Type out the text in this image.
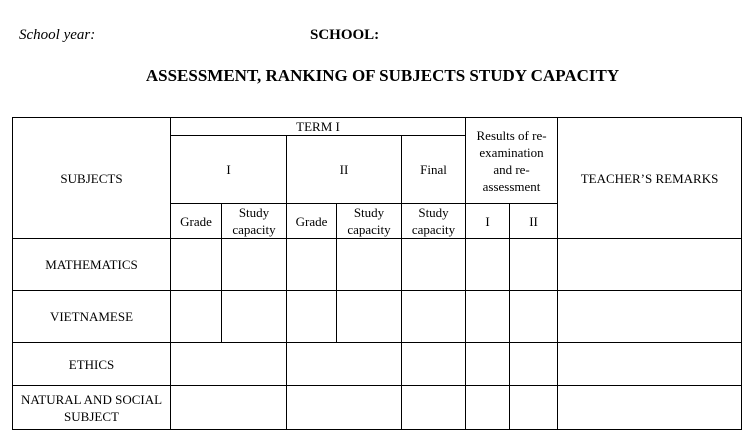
School year:	SCHOOL:
ASSESSMENT, RANKING OF SUBJECTS STUDY CAPACITY
SUBJECTS	TERM I					Results of re-examination and re-assessment		TEACHER’S REMARKS
	I		II		Final			
	Grade	Study capacity	Grade	Study capacity	Study capacity	I	II	
MATHEMATICS								
VIETNAMESE								
ETHICS								
NATURAL AND SOCIAL SUBJECT								
